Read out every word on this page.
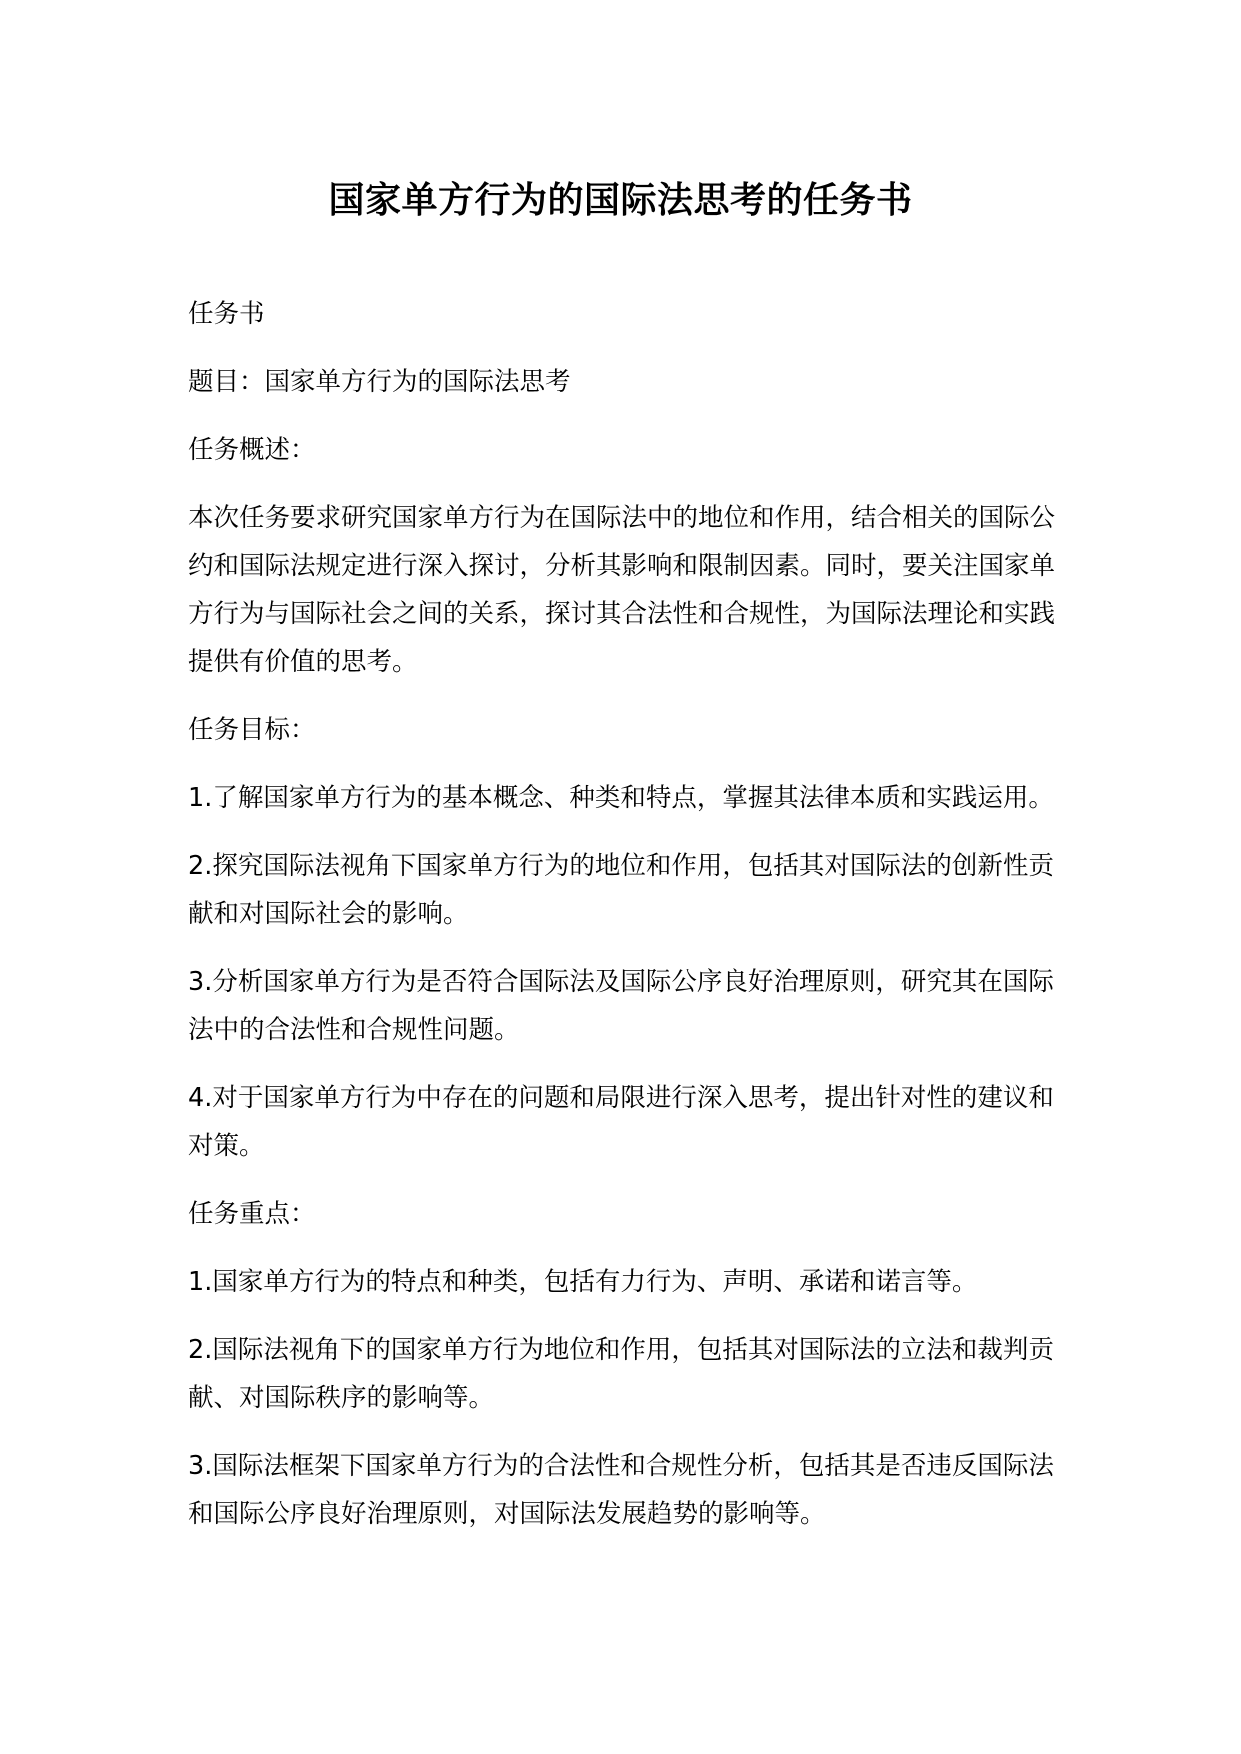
国家单方行为的国际法思考的任务书

任务书

题目：国家单方行为的国际法思考

任务概述：

本次任务要求研究国家单方行为在国际法中的地位和作用，结合相关的国际公约和国际法规定进行深入探讨，分析其影响和限制因素。同时，要关注国家单方行为与国际社会之间的关系，探讨其合法性和合规性，为国际法理论和实践提供有价值的思考。

任务目标：

1.了解国家单方行为的基本概念、种类和特点，掌握其法律本质和实践运用。

2.探究国际法视角下国家单方行为的地位和作用，包括其对国际法的创新性贡献和对国际社会的影响。

3.分析国家单方行为是否符合国际法及国际公序良好治理原则，研究其在国际法中的合法性和合规性问题。

4.对于国家单方行为中存在的问题和局限进行深入思考，提出针对性的建议和对策。

任务重点：

1.国家单方行为的特点和种类，包括有力行为、声明、承诺和诺言等。

2.国际法视角下的国家单方行为地位和作用，包括其对国际法的立法和裁判贡献、对国际秩序的影响等。

3.国际法框架下国家单方行为的合法性和合规性分析，包括其是否违反国际法和国际公序良好治理原则，对国际法发展趋势的影响等。
